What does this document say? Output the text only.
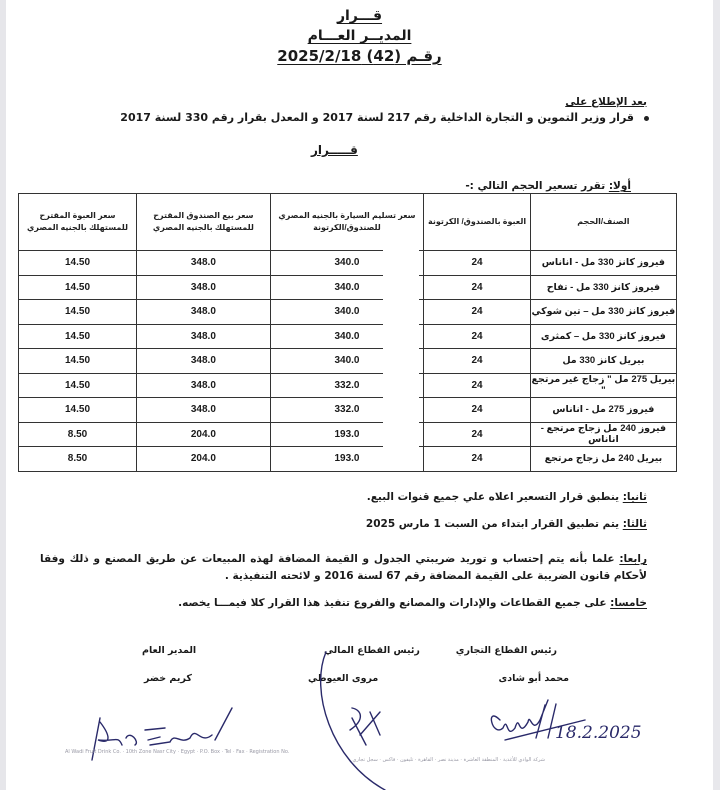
قـــرار
المديــر العـــام
رقـم (42) 2025/2/18
بعد الإطلاع على
قرار وزير التموين و التجارة الداخلية رقم 217 لسنة 2017 و المعدل بقرار رقم 330 لسنة 2017
قـــــرار
أولا: تقرر تسعير الحجم التالي :-
الصنف/الحجم	العبوة بالصندوق/ الكرتونة	سعر تسليم السيارة بالجنيه المصري للصندوق/الكرتونة	سعر بيع الصندوق المقترح للمستهلك بالجنيه المصري	سعر العبوة المقترح للمستهلك بالجنيه المصري
فيروز كانز 330 مل - اناناس	24	340.0	348.0	14.50
فيروز كانز 330 مل - تفاح	24	340.0	348.0	14.50
فيروز كانز 330 مل – تين شوكي	24	340.0	348.0	14.50
فيروز كانز 330 مل – كمثرى	24	340.0	348.0	14.50
بيريل كانز 330 مل	24	340.0	348.0	14.50
بيريل 275 مل " زجاج غير مرتجع "	24	332.0	348.0	14.50
فيروز 275 مل - اناناس	24	332.0	348.0	14.50
فيروز 240 مل زجاج مرتجع - اناناس	24	193.0	204.0	8.50
بيريل 240 مل زجاج مرتجع	24	193.0	204.0	8.50
ثانيا: ينطبق قرار التسعير اعلاه علي جميع قنوات البيع.
ثالثا: يتم تطبيق القرار ابتداء من السبت 1 مارس 2025
رابعا: علما بأنه يتم إحتساب و توريد ضريبتي الجدول و القيمة المضافة لهذه المبيعات عن طريق المصنع و ذلك وفقا لأحكام قانون الضريبة على القيمة المضافة رقم 67 لسنة 2016 و لائحته التنفيذية .
خامسا: على جميع القطاعات والإدارات والمصانع والفروع تنفيذ هذا القرار كلا فيمـــا يخصه.
رئيس القطاع التجاري
رئيس القطاع المالي
المدير العام
محمد أبو شادى
مروى العيوطي
كريم خضر
18.2.2025
Al Wadi Fruit Drink Co. · 10th Zone Nasr City · Egypt · P.O. Box · Tel · Fax · Registration No.
شركة الوادي للأغذية · المنطقة العاشرة · مدينة نصر · القاهرة · تليفون · فاكس · سجل تجاري
